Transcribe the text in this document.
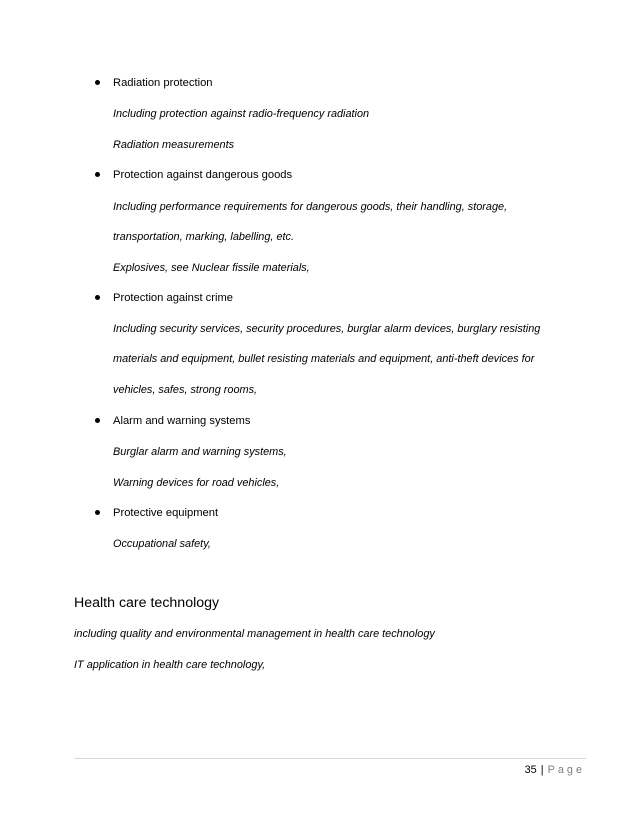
Radiation protection
Including protection against radio-frequency radiation
Radiation measurements
Protection against dangerous goods
Including performance requirements for dangerous goods, their handling, storage,
transportation, marking, labelling, etc.
Explosives, see Nuclear fissile materials,
Protection against crime
Including security services, security procedures, burglar alarm devices, burglary resisting
materials and equipment, bullet resisting materials and equipment, anti-theft devices for
vehicles, safes, strong rooms,
Alarm and warning systems
Burglar alarm and warning systems,
Warning devices for road vehicles,
Protective equipment
Occupational safety,
Health care technology
including quality and environmental management in health care technology
IT application in health care technology,
35 | Page
